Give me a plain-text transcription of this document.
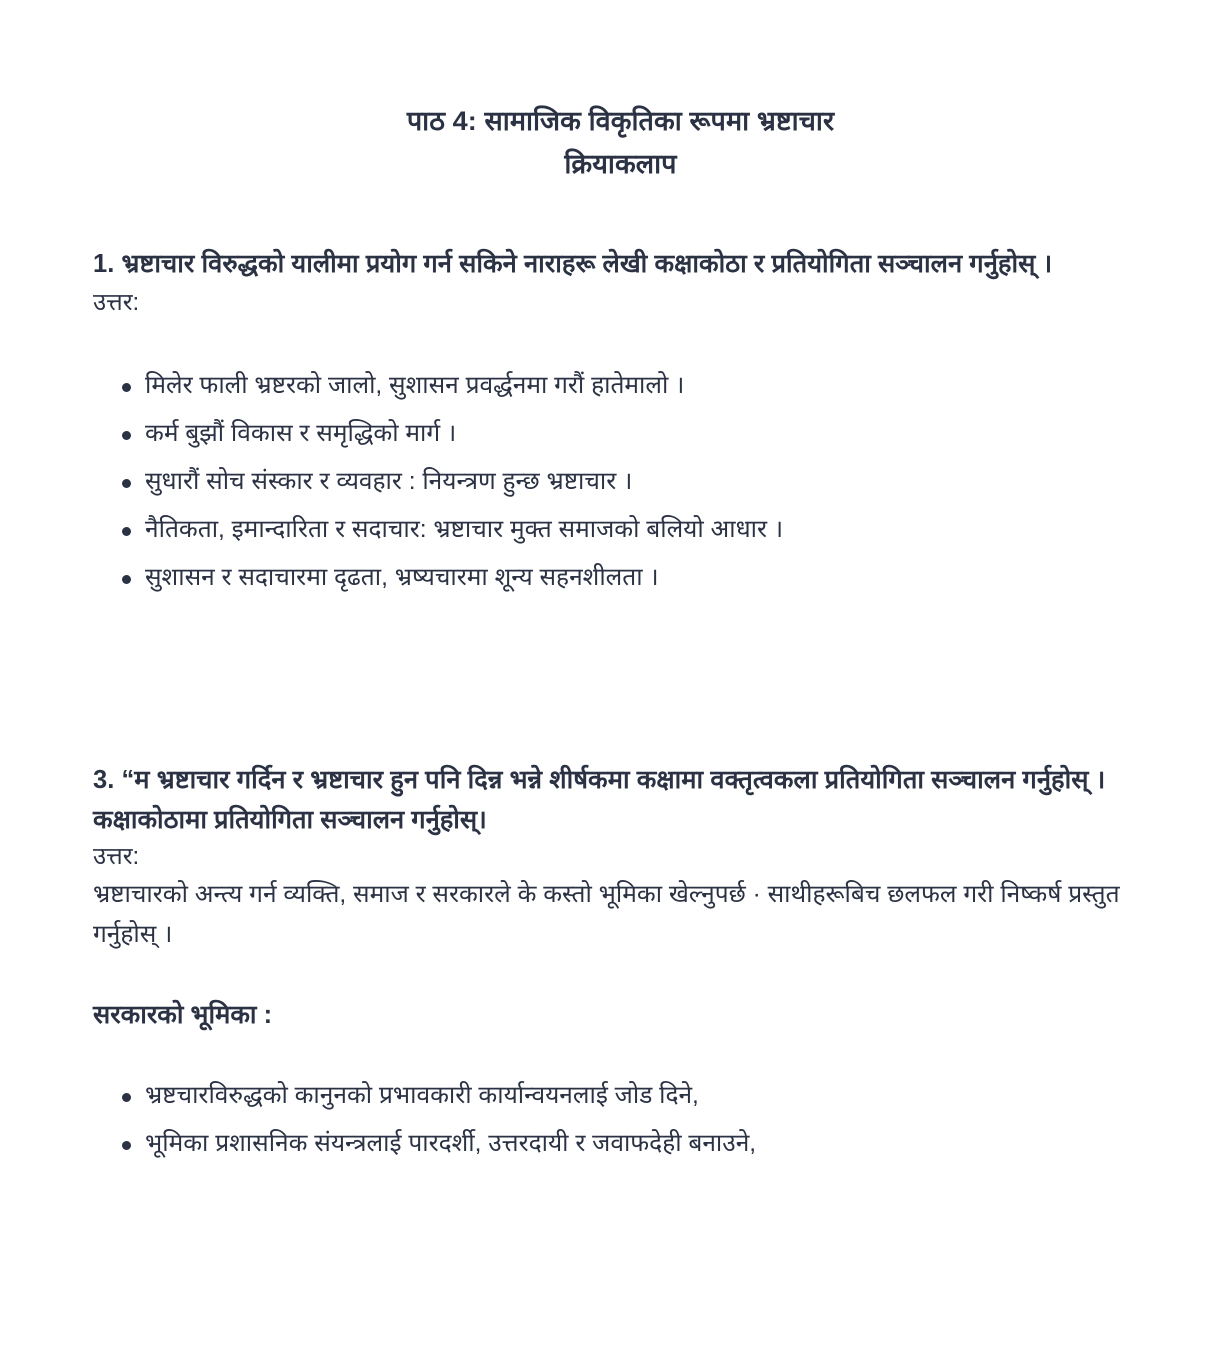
पाठ 4: सामाजिक विकृतिका रूपमा भ्रष्टाचार
क्रियाकलाप

1. भ्रष्टाचार विरुद्धको यालीमा प्रयोग गर्न सकिने नाराहरू लेखी कक्षाकोठा र प्रतियोगिता सञ्चालन गर्नुहोस् ।

उत्तर:

मिलेर फाली भ्रष्टरको जालो, सुशासन प्रवर्द्धनमा गरौं हातेमालो ।
कर्म बुझौं विकास र समृद्धिको मार्ग ।
सुधारौं सोच संस्कार र व्यवहार : नियन्त्रण हुन्छ भ्रष्टाचार ।
नैतिकता, इमान्दारिता र सदाचार: भ्रष्टाचार मुक्त समाजको बलियो आधार ।
सुशासन र सदाचारमा दृढता, भ्रष्यचारमा शून्य सहनशीलता ।

3. “म भ्रष्टाचार गर्दिन र भ्रष्टाचार हुन पनि दिन्न भन्ने शीर्षकमा कक्षामा वक्तृत्वकला प्रतियोगिता सञ्चालन गर्नुहोस् ।

कक्षाकोठामा प्रतियोगिता सञ्चालन गर्नुहोस्।

उत्तर:

भ्रष्टाचारको अन्त्य गर्न व्यक्ति, समाज र सरकारले के कस्तो भूमिका खेल्नुपर्छ · साथीहरूबिच छलफल गरी निष्कर्ष प्रस्तुत गर्नुहोस् ।

सरकारको भूमिका :

भ्रष्टचारविरुद्धको कानुनको प्रभावकारी कार्यान्वयनलाई जोड दिने,
भूमिका प्रशासनिक संयन्त्रलाई पारदर्शी, उत्तरदायी र जवाफदेही बनाउने,
